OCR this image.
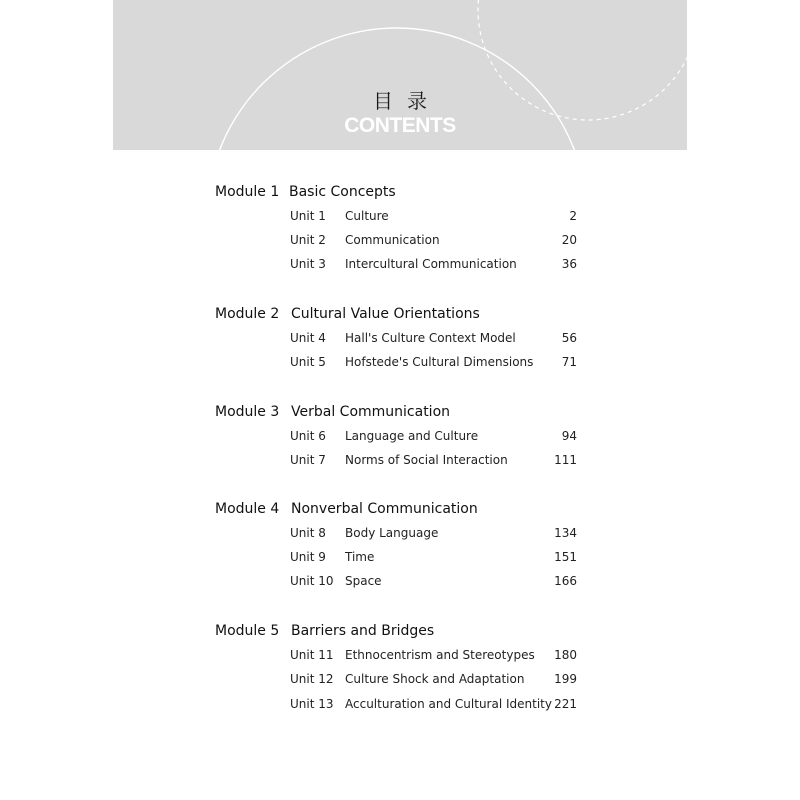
目录
CONTENTS
Module 1 Basic Concepts
Unit 1 Culture	2
Unit 2 Communication	20
Unit 3 Intercultural Communication	36
Module 2 Cultural Value Orientations
Unit 4 Hall's Culture Context Model	56
Unit 5 Hofstede's Cultural Dimensions 71
Module 3 Verbal Communication
Unit 6 Language and Culture	94
Unit 7 Norms of Social Interaction	111
Module 4 Nonverbal Communication
Unit 8 Body Language	134
Unit 9 Time	151
Unit 10 Space	166
Module 5 Barriers and Bridges
Unit 11 Ethnocentrism and Stereotypes 180
Unit 12 Culture Shock and Adaptation 199
Unit 13 Acculturation and Cultural Identity 221
